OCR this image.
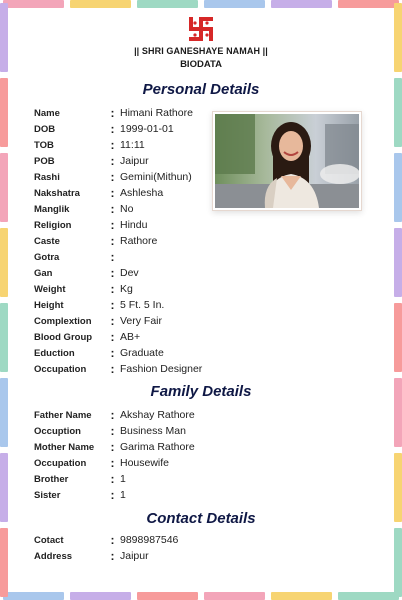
|| SHRI GANESHAYE NAMAH ||
BIODATA
Personal Details
Name	: Himani Rathore
DOB	: 1999-01-01
TOB	: 11:11
POB	: Jaipur
Rashi	: Gemini(Mithun)
Nakshatra	: Ashlesha
Manglik	: No
Religion	: Hindu
Caste	: Rathore
Gotra	:
Gan	: Dev
Weight	: Kg
Height	: 5 Ft. 5 In.
Complextion	: Very Fair
Blood Group	: AB+
Eduction	: Graduate
Occupation	: Fashion Designer
Family Details
Father Name	: Akshay Rathore
Occuption	: Business Man
Mother Name	: Garima Rathore
Occupation	: Housewife
Brother	: 1
Sister	: 1
Contact Details
Cotact	: 9898987546
Address	: Jaipur
